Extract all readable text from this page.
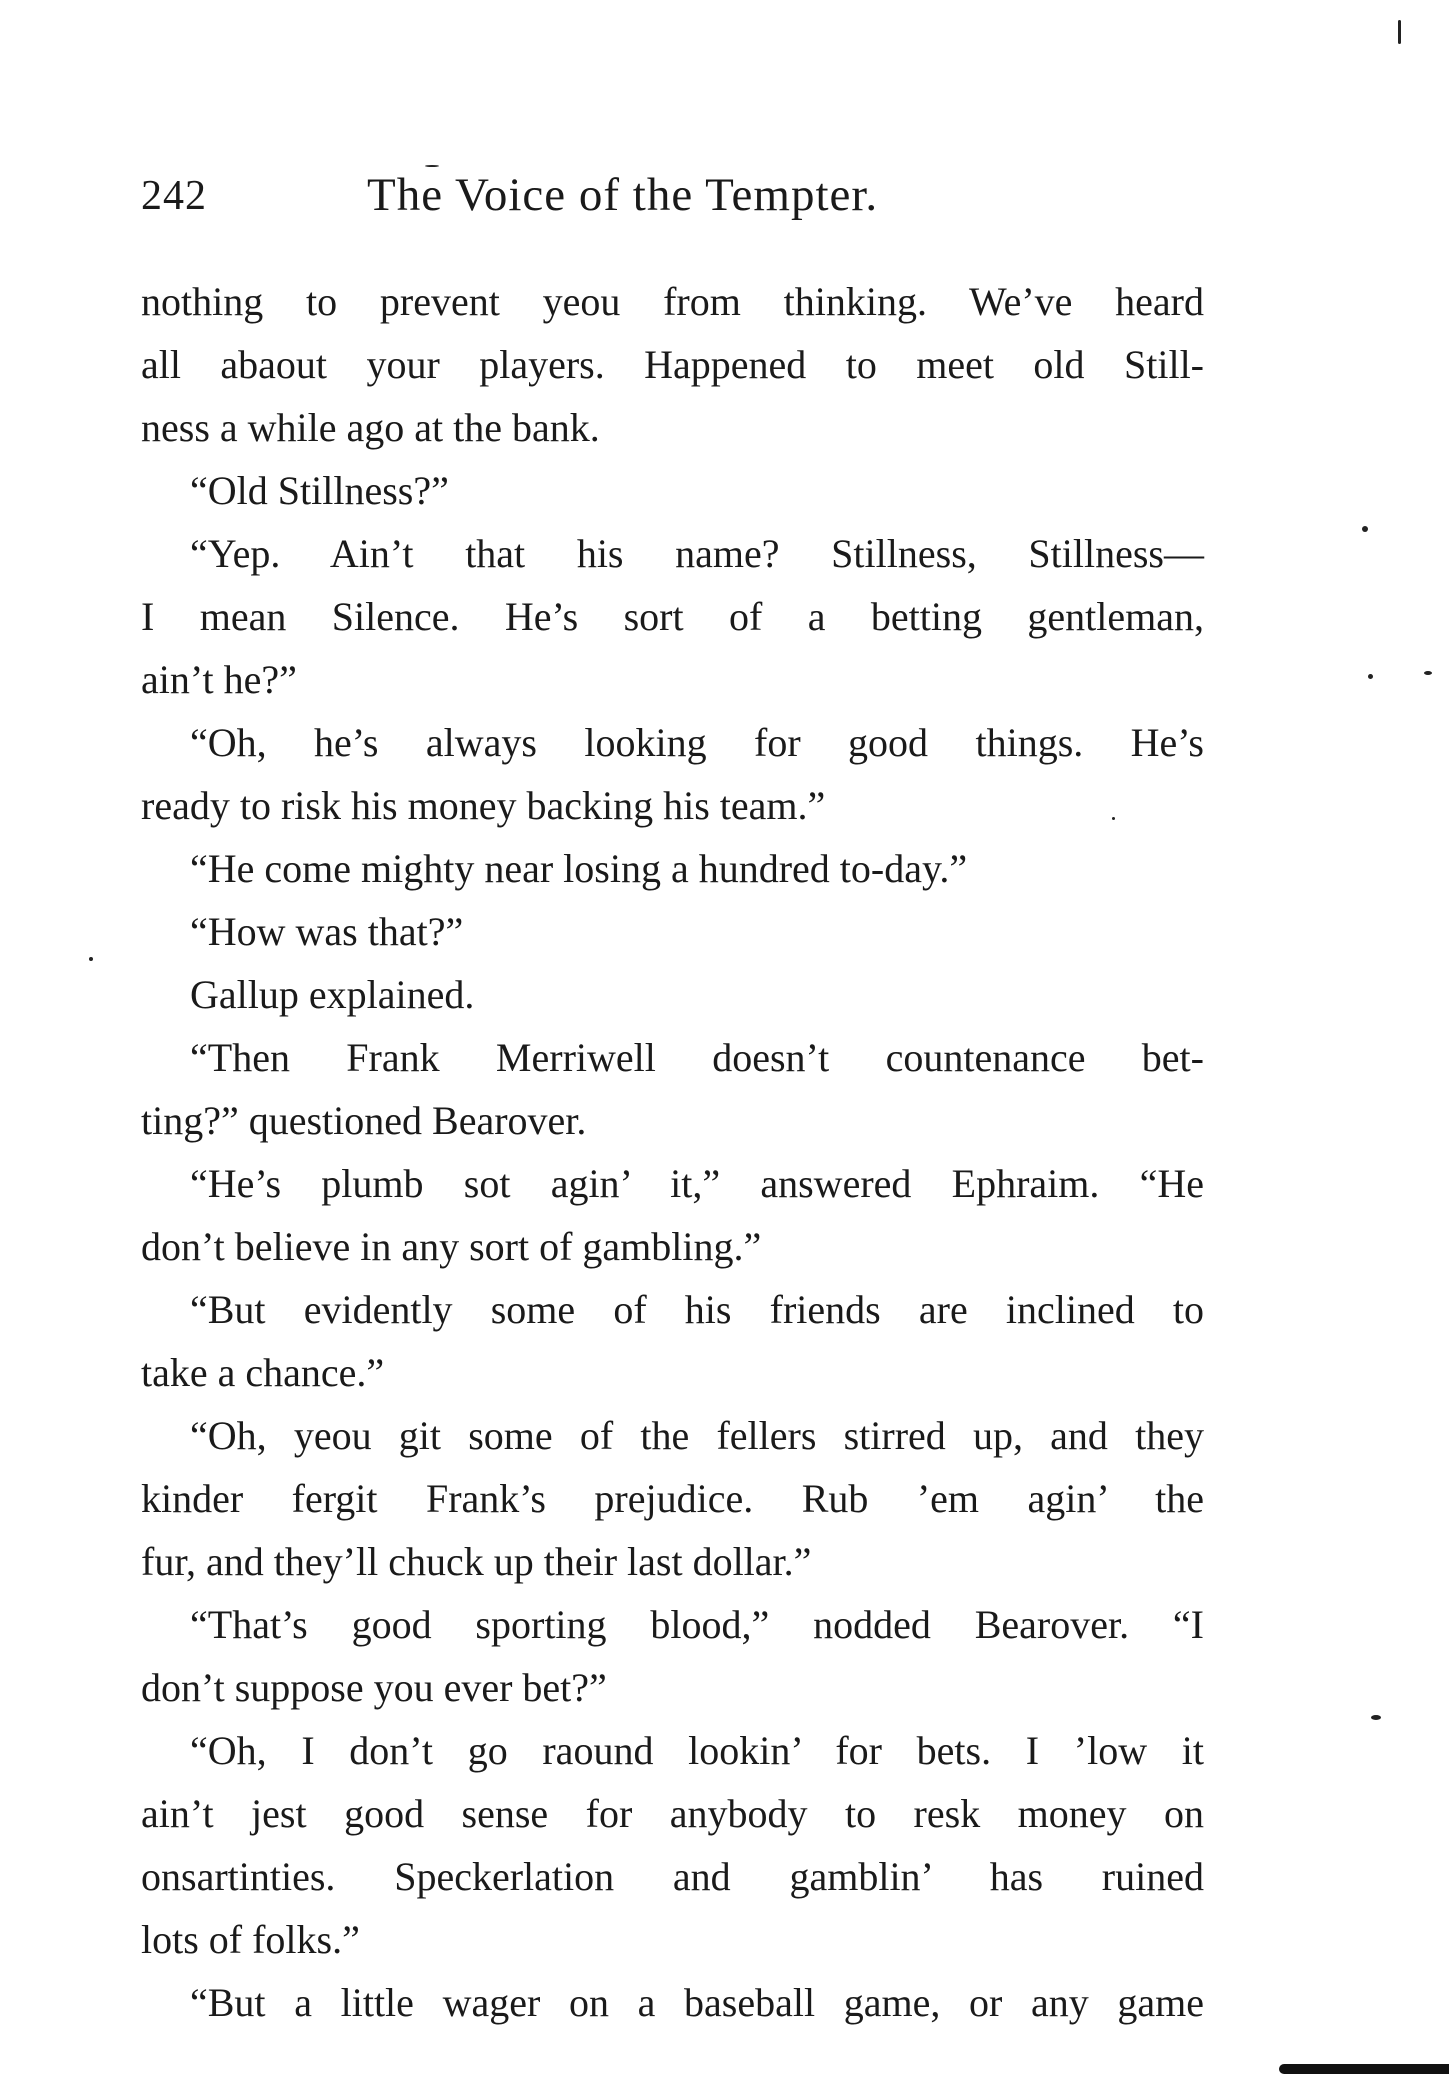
242	The Voice of the Tempter.
nothing to prevent yeou from thinking. We’ve heard
all abaout your players. Happened to meet old Still-
ness a while ago at the bank.
“Old Stillness?”
“Yep. Ain’t that his name? Stillness, Stillness—
I mean Silence. He’s sort of a betting gentleman,
ain’t he?”
“Oh, he’s always looking for good things. He’s
ready to risk his money backing his team.”
“He come mighty near losing a hundred to-day.”
“How was that?”
Gallup explained.
“Then Frank Merriwell doesn’t countenance bet-
ting?” questioned Bearover.
“He’s plumb sot agin’ it,” answered Ephraim. “He
don’t believe in any sort of gambling.”
“But evidently some of his friends are inclined to
take a chance.”
“Oh, yeou git some of the fellers stirred up, and they
kinder fergit Frank’s prejudice. Rub ’em agin’ the
fur, and they’ll chuck up their last dollar.”
“That’s good sporting blood,” nodded Bearover. “I
don’t suppose you ever bet?”
“Oh, I don’t go raound lookin’ for bets. I ’low it
ain’t jest good sense for anybody to resk money on
onsartinties. Speckerlation and gamblin’ has ruined
lots of folks.”
“But a little wager on a baseball game, or any game
